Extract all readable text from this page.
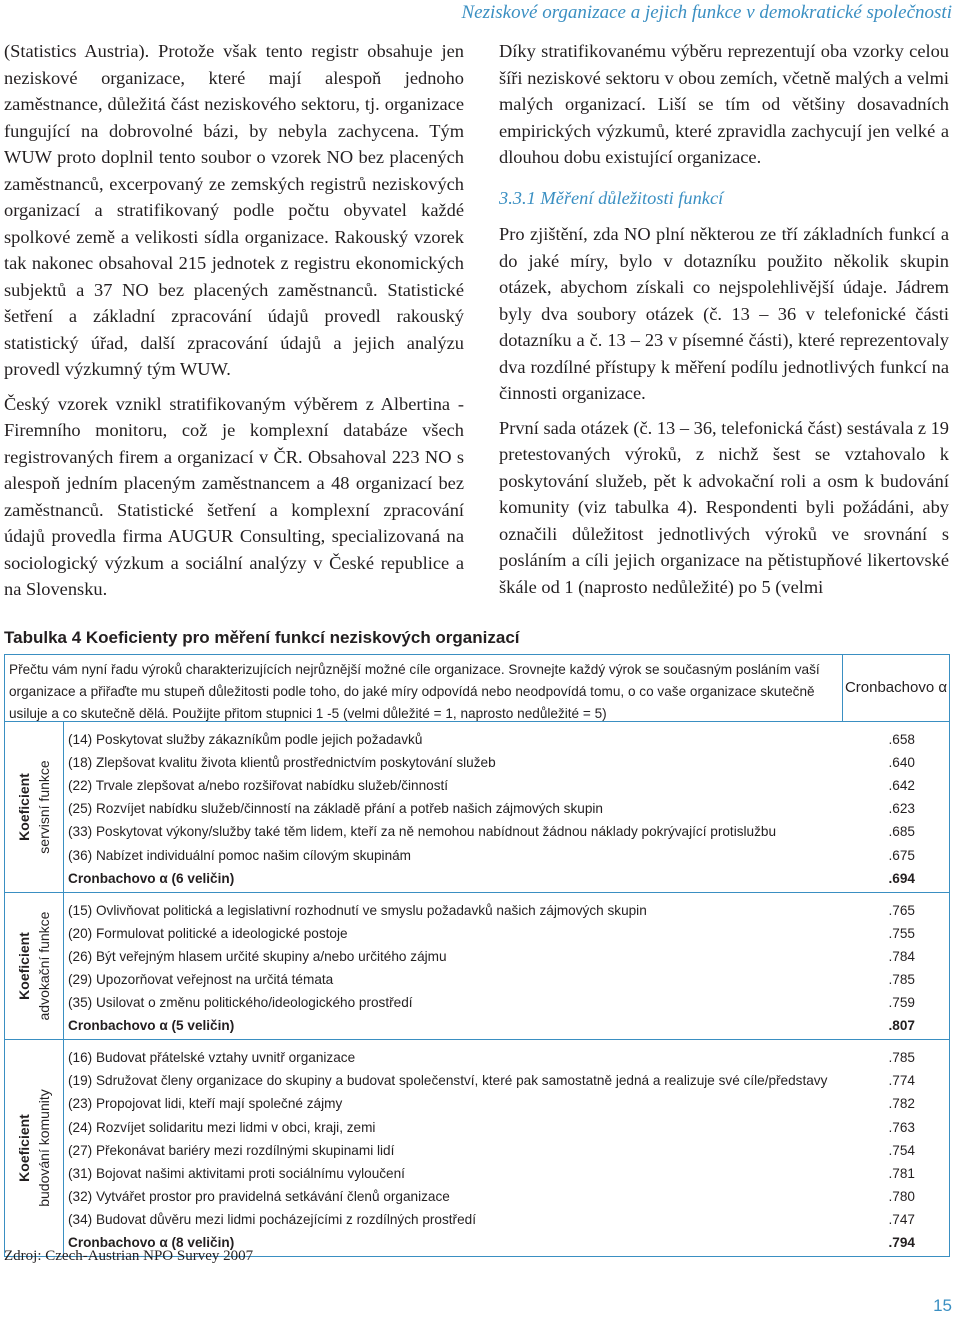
Neziskové organizace a jejich funkce v demokratické společnosti

(Statistics Austria). Protože však tento registr obsahuje jen neziskové organizace, které mají alespoň jednoho zaměstnance, důležitá část neziskového sektoru, tj. organizace fungující na dobrovolné bázi, by nebyla zachycena. Tým WUW proto doplnil tento soubor o vzorek NO bez placených zaměstnanců, excerpovaný ze zemských registrů neziskových organizací a stratifikovaný podle počtu obyvatel každé spolkové země a velikosti sídla organizace. Rakouský vzorek tak nakonec obsahoval 215 jednotek z registru ekonomických subjektů a 37 NO bez placených zaměstnanců. Statistické šetření a základní zpracování údajů provedl rakouský statistický úřad, další zpracování údajů a jejich analýzu provedl výzkumný tým WUW.

Český vzorek vznikl stratifikovaným výběrem z Albertina - Firemního monitoru, což je komplexní databáze všech registrovaných firem a organizací v ČR. Obsahoval 223 NO s alespoň jedním placeným zaměstnancem a 48 organizací bez zaměstnanců. Statistické šetření a komplexní zpracování údajů provedla firma AUGUR Consulting, specializovaná na sociologický výzkum a sociální analýzy v České republice a na Slovensku.

Díky stratifikovanému výběru reprezentují oba vzorky celou šíři neziskové sektoru v obou zemích, včetně malých a velmi malých organizací. Liší se tím od většiny dosavadních empirických výzkumů, které zpravidla zachycují jen velké a dlouhou dobu existující organizace.

3.3.1 Měření důležitosti funkcí

Pro zjištění, zda NO plní některou ze tří základních funkcí a do jaké míry, bylo v dotazníku použito několik skupin otázek, abychom získali co nejspolehlivější údaje. Jádrem byly dva soubory otázek (č. 13 – 36 v telefonické části dotazníku a č. 13 – 23 v písemné části), které reprezentovaly dva rozdílné přístupy k měření podílu jednotlivých funkcí na činnosti organizace.

První sada otázek (č. 13 – 36, telefonická část) sestávala z 19 pretestovaných výroků, z nichž šest se vztahovalo k poskytování služeb, pět k advokační roli a osm k budování komunity (viz tabulka 4). Respondenti byli požádáni, aby označili důležitost jednotlivých výroků ve srovnání s posláním a cíli jejich organizace na pětistupňové likertovské škále od 1 (naprosto nedůležité) po 5 (velmi

Tabulka 4 Koeficienty pro měření funkcí neziskových organizací
Přečtu vám nyní řadu výroků charakterizujících nejrůznější možné cíle organizace. Srovnejte každý výrok se současným posláním vaší organizace a přiřaďte mu stupeň důležitosti podle toho, do jaké míry odpovídá nebo neodpovídá tomu, o co vaše organizace skutečně usiluje a co skutečně dělá. Použijte přitom stupnici 1 -5 (velmi důležité = 1, naprosto nedůležité = 5)
Cronbachovo α
Koeficient servisní funkce
(14) Poskytovat služby zákazníkům podle jejich požadavků	.658
(18) Zlepšovat kvalitu života klientů prostřednictvím poskytování služeb	.640
(22) Trvale zlepšovat a/nebo rozšiřovat nabídku služeb/činností	.642
(25) Rozvíjet nabídku služeb/činností na základě přání a potřeb našich zájmových skupin	.623
(33) Poskytovat výkony/služby také těm lidem, kteří za ně nemohou nabídnout žádnou náklady pokrývající protislužbu	.685
(36) Nabízet individuální pomoc našim cílovým skupinám	.675
Cronbachovo α (6 veličin)	.694
Koeficient advokační funkce
(15) Ovlivňovat politická a legislativní rozhodnutí ve smyslu požadavků našich zájmových skupin	.765
(20) Formulovat politické a ideologické postoje	.755
(26) Být veřejným hlasem určité skupiny a/nebo určitého zájmu	.784
(29) Upozorňovat veřejnost na určitá témata	.785
(35) Usilovat o změnu politického/ideologického prostředí	.759
Cronbachovo α (5 veličin)	.807
Koeficient budování komunity
(16) Budovat přátelské vztahy uvnitř organizace	.785
(19) Sdružovat členy organizace do skupiny a budovat společenství, které pak samostatně jedná a realizuje své cíle/představy	.774
(23) Propojovat lidi, kteří mají společné zájmy	.782
(24) Rozvíjet solidaritu mezi lidmi v obci, kraji, zemi	.763
(27) Překonávat bariéry mezi rozdílnými skupinami lidí	.754
(31) Bojovat našimi aktivitami proti sociálnímu vyloučení	.781
(32) Vytvářet prostor pro pravidelná setkávání členů organizace	.780
(34) Budovat důvěru mezi lidmi pocházejícími z rozdílných prostředí	.747
Cronbachovo α (8 veličin)	.794
Zdroj: Czech-Austrian NPO Survey 2007
15
